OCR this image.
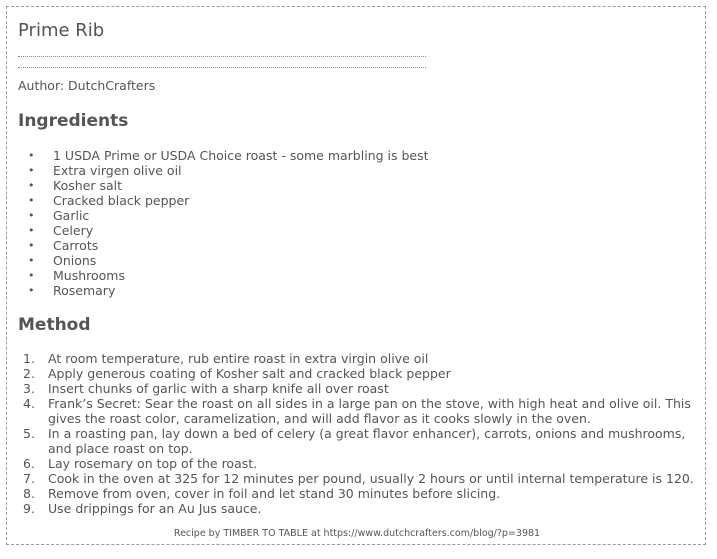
Prime Rib
Author: DutchCrafters
Ingredients
• 1 USDA Prime or USDA Choice roast - some marbling is best
• Extra virgen olive oil
• Kosher salt
• Cracked black pepper
• Garlic
• Celery
• Carrots
• Onions
• Mushrooms
• Rosemary
Method
1. At room temperature, rub entire roast in extra virgin olive oil
2. Apply generous coating of Kosher salt and cracked black pepper
3. Insert chunks of garlic with a sharp knife all over roast
4. Frank’s Secret: Sear the roast on all sides in a large pan on the stove, with high heat and olive oil. This gives the roast color, caramelization, and will add flavor as it cooks slowly in the oven.
5. In a roasting pan, lay down a bed of celery (a great flavor enhancer), carrots, onions and mushrooms, and place roast on top.
6. Lay rosemary on top of the roast.
7. Cook in the oven at 325 for 12 minutes per pound, usually 2 hours or until internal temperature is 120.
8. Remove from oven, cover in foil and let stand 30 minutes before slicing.
9. Use drippings for an Au Jus sauce.
Recipe by TIMBER TO TABLE at https://www.dutchcrafters.com/blog/?p=3981
